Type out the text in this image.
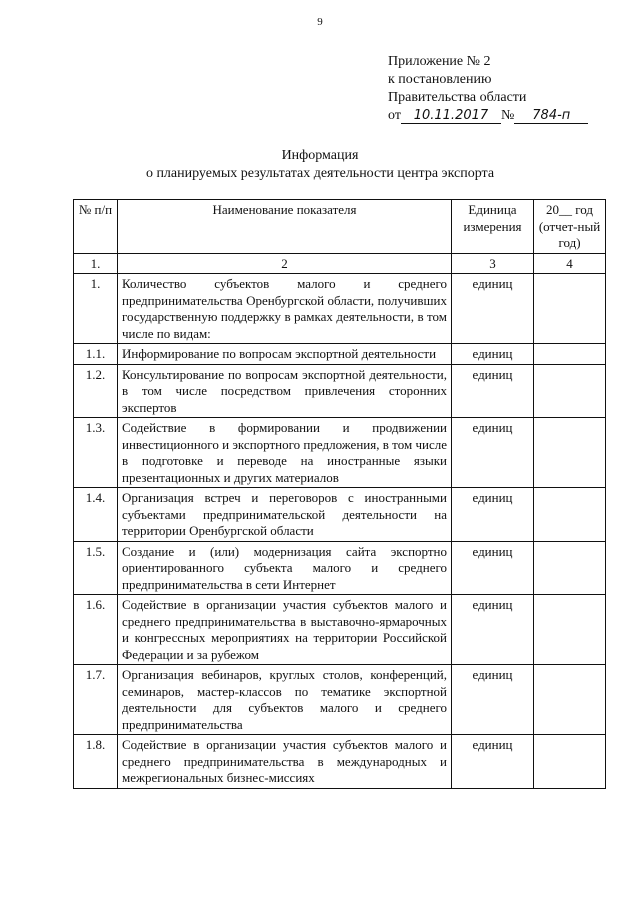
9
Приложение № 2
к постановлению
Правительства области
от 10.11.2017 № 784-п
Информация
о планируемых результатах деятельности центра экспорта
№ п/п	Наименование показателя	Единица измерения	20__ год (отчет-ный год)
1.	2	3	4
1.	Количество субъектов малого и среднего предпринимательства Оренбургской области, получивших государственную поддержку в рамках деятельности, в том числе по видам:	единиц	
1.1.	Информирование по вопросам экспортной деятельности	единиц	
1.2.	Консультирование по вопросам экспортной деятельности, в том числе посредством привлечения сторонних экспертов	единиц	
1.3.	Содействие в формировании и продвижении инвестиционного и экспортного предложения, в том числе в подготовке и переводе на иностранные языки презентационных и других материалов	единиц	
1.4.	Организация встреч и переговоров с иностранными субъектами предпринимательской деятельности на территории Оренбургской области	единиц	
1.5.	Создание и (или) модернизация сайта экспортно ориентированного субъекта малого и среднего предпринимательства в сети Интернет	единиц	
1.6.	Содействие в организации участия субъектов малого и среднего предпринимательства в выставочно-ярмарочных и конгрессных мероприятиях на территории Российской Федерации и за рубежом	единиц	
1.7.	Организация вебинаров, круглых столов, конференций, семинаров, мастер-классов по тематике экспортной деятельности для субъектов малого и среднего предпринимательства	единиц	
1.8.	Содействие в организации участия субъектов малого и среднего предпринимательства в международных и межрегиональных бизнес-миссиях	единиц	
